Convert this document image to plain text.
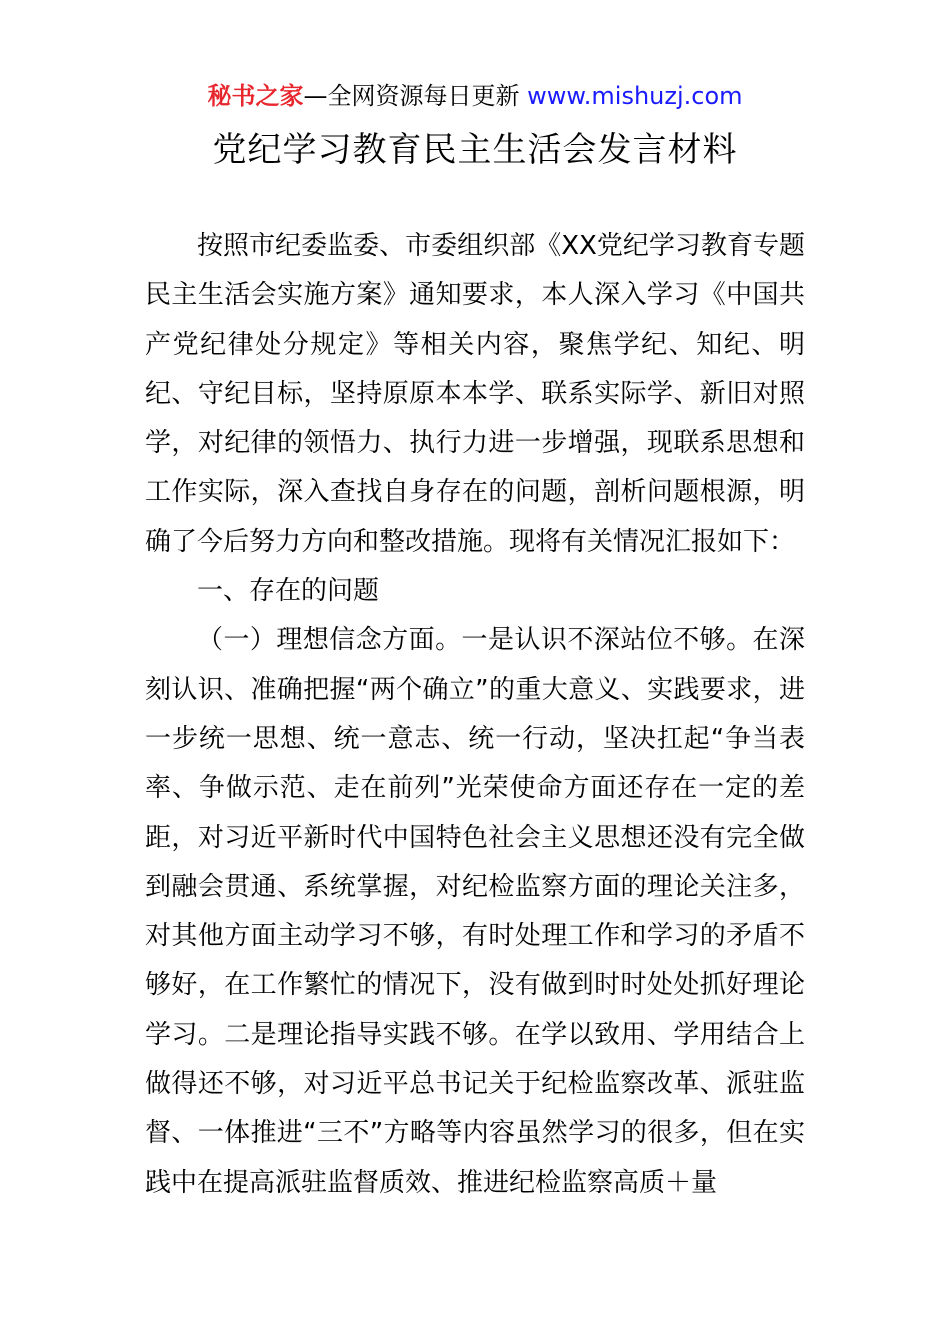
秘书之家—全网资源每日更新 www.mishuzj.com
党纪学习教育民主生活会发言材料

按照市纪委监委、市委组织部《XX党纪学习教育专题民主生活会实施方案》通知要求，本人深入学习《中国共产党纪律处分规定》等相关内容，聚焦学纪、知纪、明纪、守纪目标，坚持原原本本学、联系实际学、新旧对照学，对纪律的领悟力、执行力进一步增强，现联系思想和工作实际，深入查找自身存在的问题，剖析问题根源，明确了今后努力方向和整改措施。现将有关情况汇报如下：

一、存在的问题

（一）理想信念方面。一是认识不深站位不够。在深刻认识、准确把握“两个确立”的重大意义、实践要求，进一步统一思想、统一意志、统一行动，坚决扛起“争当表率、争做示范、走在前列”光荣使命方面还存在一定的差距，对习近平新时代中国特色社会主义思想还没有完全做到融会贯通、系统掌握，对纪检监察方面的理论关注多，对其他方面主动学习不够，有时处理工作和学习的矛盾不够好，在工作繁忙的情况下，没有做到时时处处抓好理论学习。二是理论指导实践不够。在学以致用、学用结合上做得还不够，对习近平总书记关于纪检监察改革、派驻监督、一体推进“三不”方略等内容虽然学习的很多，但在实践中在提高派驻监督质效、推进纪检监察高质＋量
